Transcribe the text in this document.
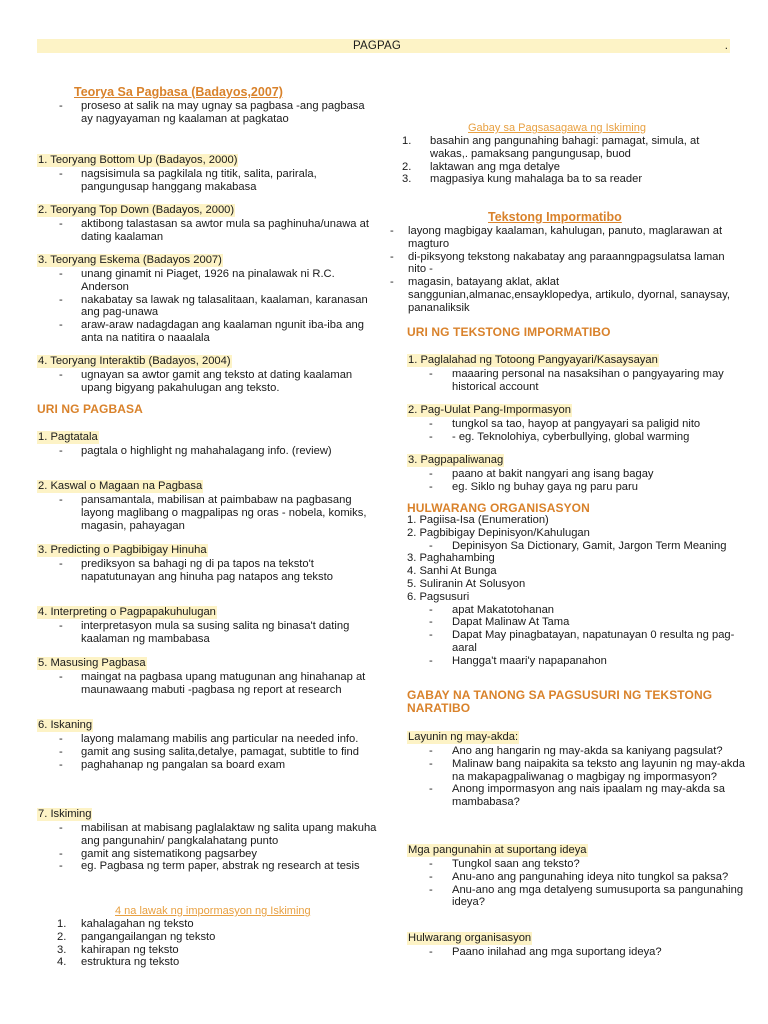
PAGPAG	.
Teorya Sa Pagbasa (Badayos,2007)
- proseso at salik na may ugnay sa pagbasa -ang pagbasa ay nagyayaman ng kaalaman at pagkatao
1. Teoryang Bottom Up (Badayos, 2000)
- nagsisimula sa pagkilala ng titik, salita, parirala, pangungusap hanggang makabasa
2. Teoryang Top Down (Badayos, 2000)
- aktibong talastasan sa awtor mula sa paghinuha/unawa at dating kaalaman
3. Teoryang Eskema (Badayos 2007)
- unang ginamit ni Piaget, 1926 na pinalawak ni R.C. Anderson
- nakabatay sa lawak ng talasalitaan, kaalaman, karanasan ang pag-unawa
- araw-araw nadagdagan ang kaalaman ngunit iba-iba ang anta na natitira o naaalala
4. Teoryang Interaktib (Badayos, 2004)
- ugnayan sa awtor gamit ang teksto at dating kaalaman upang bigyang pakahulugan ang teksto.
URI NG PAGBASA
1. Pagtatala
- pagtala o highlight ng mahahalagang info. (review)
2. Kaswal o Magaan na Pagbasa
- pansamantala, mabilisan at paimbabaw na pagbasang layong maglibang o magpalipas ng oras - nobela, komiks, magasin, pahayagan
3. Predicting o Pagbibigay Hinuha
- prediksyon sa bahagi ng di pa tapos na teksto't napatutunayan ang hinuha pag natapos ang teksto
4. Interpreting o Pagpapakuhulugan
- interpretasyon mula sa susing salita ng binasa't dating kaalaman ng mambabasa
5. Masusing Pagbasa
- maingat na pagbasa upang matugunan ang hinahanap at maunawaang mabuti -pagbasa ng report at research
6. Iskaning
- layong malamang mabilis ang particular na needed info.
- gamit ang susing salita,detalye, pamagat, subtitle to find
- paghahanap ng pangalan sa board exam
7. Iskiming
- mabilisan at mabisang paglalaktaw ng salita upang makuha ang pangunahin/ pangkalahatang punto
- gamit ang sistematikong pagsarbey
- eg. Pagbasa ng term paper, abstrak ng research at tesis
4 na lawak ng impormasyon ng Iskiming
1. kahalagahan ng teksto
2. pangangailangan ng teksto
3. kahirapan ng teksto
4. estruktura ng teksto
Gabay sa Pagsasagawa ng Iskiming
1. basahin ang pangunahing bahagi: pamagat, simula, at wakas,. pamaksang pangungusap, buod
2. laktawan ang mga detalye
3. magpasiya kung mahalaga ba to sa reader
Tekstong Impormatibo
- layong magbigay kaalaman, kahulugan, panuto, maglarawan at magturo
- di-piksyong tekstong nakabatay ang paraanngpagsulatsa laman nito -
- magasin, batayang aklat, aklat sanggunian,almanac,ensayklopedya, artikulo, dyornal, sanaysay, pananaliksik
URI NG TEKSTONG IMPORMATIBO
1. Paglalahad ng Totoong Pangyayari/Kasaysayan
- maaaring personal na nasaksihan o pangyayaring may historical account
2. Pag-Uulat Pang-Impormasyon
- tungkol sa tao, hayop at pangyayari sa paligid nito
- - eg. Teknolohiya, cyberbullying, global warming
3. Pagpapaliwanag
- paano at bakit nangyari ang isang bagay
- eg. Siklo ng buhay gaya ng paru paru
HULWARANG ORGANISASYON
1. Pagiisa-Isa (Enumeration)
2. Pagbibigay Depinisyon/Kahulugan
- Depinisyon Sa Dictionary, Gamit, Jargon Term Meaning
3. Paghahambing
4. Sanhi At Bunga
5. Suliranin At Solusyon
6. Pagsusuri
- apat Makatotohanan
- Dapat Malinaw At Tama
- Dapat May pinagbatayan, napatunayan 0 resulta ng pag- aaral
- Hangga't maari'y napapanahon
GABAY NA TANONG SA PAGSUSURI NG TEKSTONG NARATIBO
Layunin ng may-akda:
- Ano ang hangarin ng may-akda sa kaniyang pagsulat?
- Malinaw bang naipakita sa teksto ang layunin ng may-akda na makapagpaliwanag o magbigay ng impormasyon?
- Anong impormasyon ang nais ipaalam ng may-akda sa mambabasa?
Mga pangunahin at suportang ideya
- Tungkol saan ang teksto?
- Anu-ano ang pangunahing ideya nito tungkol sa paksa?
- Anu-ano ang mga detalyeng sumusuporta sa pangunahing ideya?
Hulwarang organisasyon
- Paano inilahad ang mga suportang ideya?
